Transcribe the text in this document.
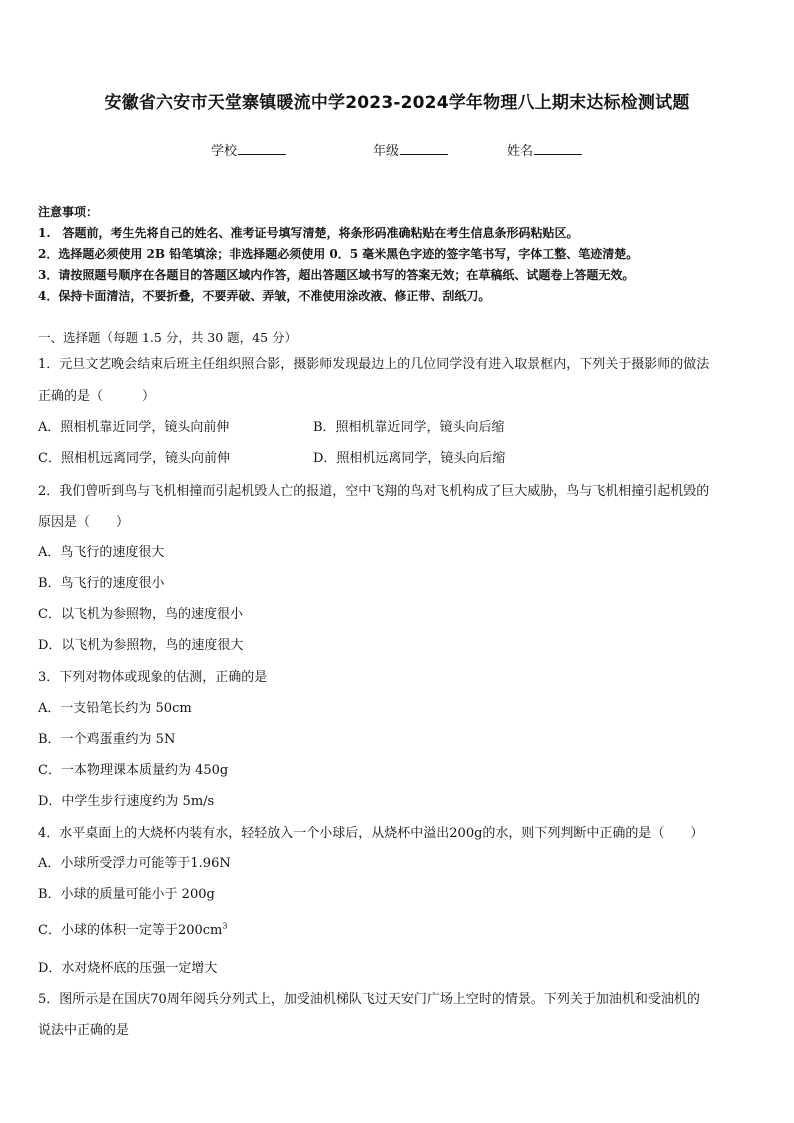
安徽省六安市天堂寨镇暖流中学2023-2024学年物理八上期末达标检测试题
学校	年级	姓名
注意事项：
1.　答题前，考生先将自己的姓名、准考证号填写清楚，将条形码准确粘贴在考生信息条形码粘贴区。
2．选择题必须使用 2B 铅笔填涂；非选择题必须使用 0．5 毫米黑色字迹的签字笔书写，字体工整、笔迹清楚。
3．请按照题号顺序在各题目的答题区域内作答，超出答题区域书写的答案无效；在草稿纸、试题卷上答题无效。
4．保持卡面清洁，不要折叠，不要弄破、弄皱，不准使用涂改液、修正带、刮纸刀。
一、选择题（每题 1.5 分，共 30 题，45 分）
1．元旦文艺晚会结束后班主任组织照合影，摄影师发现最边上的几位同学没有进入取景框内，下列关于摄影师的做法
正确的是（　　　）
A．照相机靠近同学，镜头向前伸	B．照相机靠近同学，镜头向后缩
C．照相机远离同学，镜头向前伸	D．照相机远离同学，镜头向后缩
2．我们曾听到鸟与飞机相撞而引起机毁人亡的报道，空中飞翔的鸟对飞机构成了巨大威胁，鸟与飞机相撞引起机毁的
原因是（　　）
A．鸟飞行的速度很大
B．鸟飞行的速度很小
C．以飞机为参照物，鸟的速度很小
D．以飞机为参照物，鸟的速度很大
3．下列对物体或现象的估测，正确的是
A．一支铅笔长约为 50cm
B．一个鸡蛋重约为 5N
C．一本物理课本质量约为 450g
D．中学生步行速度约为 5m/s
4．水平桌面上的大烧杯内装有水，轻轻放入一个小球后，从烧杯中溢出200g的水，则下列判断中正确的是（　　）
A．小球所受浮力可能等于1.96N
B．小球的质量可能小于 200g
C．小球的体积一定等于$200cm^3$
D．水对烧杯底的压强一定增大
5．图所示是在国庆70周年阅兵分列式上，加受油机梯队飞过天安门广场上空时的情景。下列关于加油机和受油机的
说法中正确的是
